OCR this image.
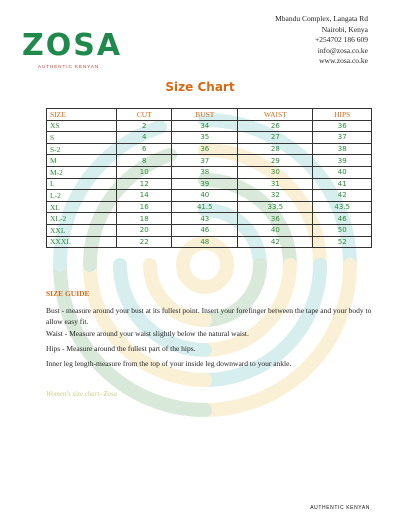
ZOSA
AUTHENTIC KENYAN
Mbandu Complex, Langata Rd
Nairobi, Kenya
+254702 186 609
info@zosa.co.ke
www.zosa.co.ke
Size Chart
SIZE	CUT	BUST	WAIST	HIPS
XS	2	34	26	36
S	4	35	27	37
S-2	6	36	28	38
M	8	37	29	39
M-2	10	38	30	40
L	12	39	31	41
L-2	14	40	32	42
XL	16	41.5	33.5	43.5
XL-2	18	43	36	46
XXL	20	46	40	50
XXXL	22	48	42	52
SIZE GUIDE
Bust - measure around your bust at its fullest point. Insert your forefinger between the tape and your body to allow easy fit.
Waist - Measure around your waist slightly below the natural waist.
Hips - Measure around the fullest part of the hips.
Inner leg length-measure from the top of your inside leg downward to your ankle.
Women's size chart- Zosa
AUTHENTIC KENYAN
